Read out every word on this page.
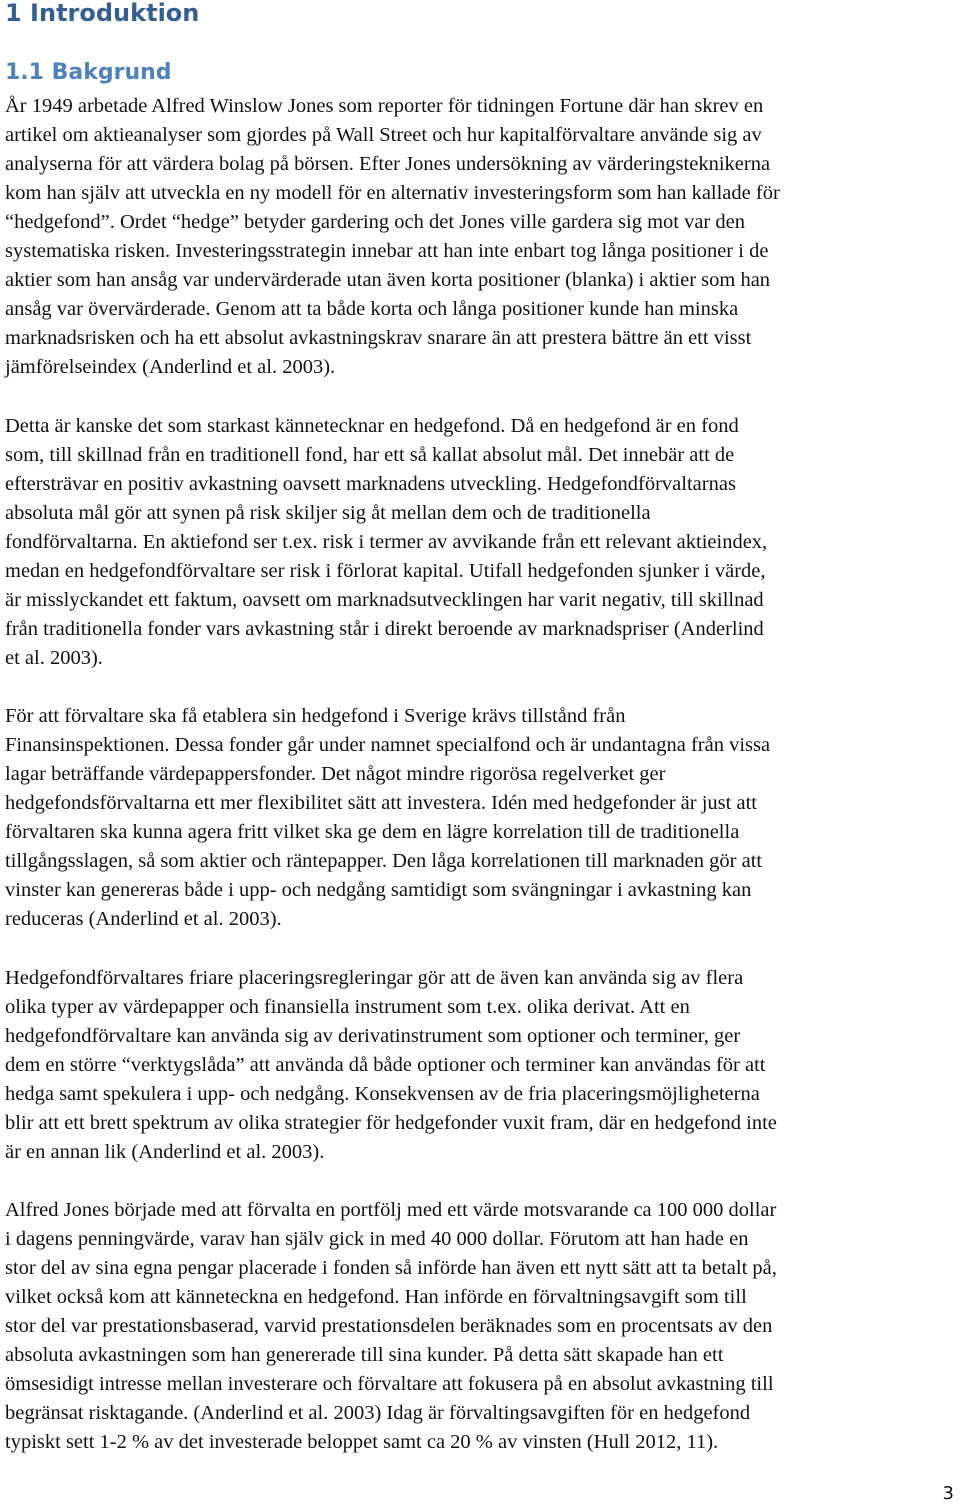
1 Introduktion
1.1 Bakgrund

År 1949 arbetade Alfred Winslow Jones som reporter för tidningen Fortune där han skrev en
artikel om aktieanalyser som gjordes på Wall Street och hur kapitalförvaltare använde sig av
analyserna för att värdera bolag på börsen. Efter Jones undersökning av värderingsteknikerna
kom han själv att utveckla en ny modell för en alternativ investeringsform som han kallade för
“hedgefond”. Ordet “hedge” betyder gardering och det Jones ville gardera sig mot var den
systematiska risken. Investeringsstrategin innebar att han inte enbart tog långa positioner i de
aktier som han ansåg var undervärderade utan även korta positioner (blanka) i aktier som han
ansåg var övervärderade. Genom att ta både korta och långa positioner kunde han minska
marknadsrisken och ha ett absolut avkastningskrav snarare än att prestera bättre än ett visst
jämförelseindex (Anderlind et al. 2003).

Detta är kanske det som starkast kännetecknar en hedgefond. Då en hedgefond är en fond
som, till skillnad från en traditionell fond, har ett så kallat absolut mål. Det innebär att de
eftersträvar en positiv avkastning oavsett marknadens utveckling. Hedgefondförvaltarnas
absoluta mål gör att synen på risk skiljer sig åt mellan dem och de traditionella
fondförvaltarna. En aktiefond ser t.ex. risk i termer av avvikande från ett relevant aktieindex,
medan en hedgefondförvaltare ser risk i förlorat kapital. Utifall hedgefonden sjunker i värde,
är misslyckandet ett faktum, oavsett om marknadsutvecklingen har varit negativ, till skillnad
från traditionella fonder vars avkastning står i direkt beroende av marknadspriser (Anderlind
et al. 2003).

För att förvaltare ska få etablera sin hedgefond i Sverige krävs tillstånd från
Finansinspektionen. Dessa fonder går under namnet specialfond och är undantagna från vissa
lagar beträffande värdepappersfonder. Det något mindre rigorösa regelverket ger
hedgefondsförvaltarna ett mer flexibilitet sätt att investera. Idén med hedgefonder är just att
förvaltaren ska kunna agera fritt vilket ska ge dem en lägre korrelation till de traditionella
tillgångsslagen, så som aktier och räntepapper. Den låga korrelationen till marknaden gör att
vinster kan genereras både i upp- och nedgång samtidigt som svängningar i avkastning kan
reduceras (Anderlind et al. 2003).

Hedgefondförvaltares friare placeringsregleringar gör att de även kan använda sig av flera
olika typer av värdepapper och finansiella instrument som t.ex. olika derivat. Att en
hedgefondförvaltare kan använda sig av derivatinstrument som optioner och terminer, ger
dem en större “verktygslåda” att använda då både optioner och terminer kan användas för att
hedga samt spekulera i upp- och nedgång. Konsekvensen av de fria placeringsmöjligheterna
blir att ett brett spektrum av olika strategier för hedgefonder vuxit fram, där en hedgefond inte
är en annan lik (Anderlind et al. 2003).

Alfred Jones började med att förvalta en portfölj med ett värde motsvarande ca 100 000 dollar
i dagens penningvärde, varav han själv gick in med 40 000 dollar. Förutom att han hade en
stor del av sina egna pengar placerade i fonden så införde han även ett nytt sätt att ta betalt på,
vilket också kom att känneteckna en hedgefond. Han införde en förvaltningsavgift som till
stor del var prestationsbaserad, varvid prestationsdelen beräknades som en procentsats av den
absoluta avkastningen som han genererade till sina kunder. På detta sätt skapade han ett
ömsesidigt intresse mellan investerare och förvaltare att fokusera på en absolut avkastning till
begränsat risktagande. (Anderlind et al. 2003) Idag är förvaltingsavgiften för en hedgefond
typiskt sett 1-2 % av det investerade beloppet samt ca 20 % av vinsten (Hull 2012, 11).

3
